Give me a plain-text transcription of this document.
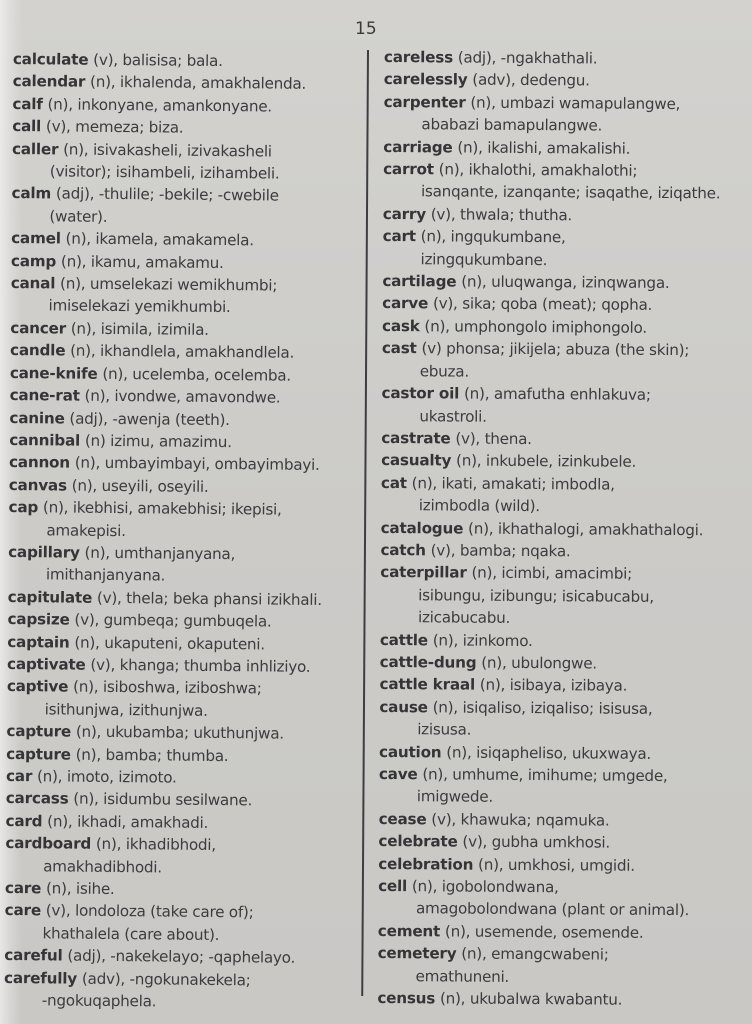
15

calculate (v), balisisa; bala.

calendar (n), ikhalenda, amakhalenda.

calf (n), inkonyane, amankonyane.

call (v), memeza; biza.

caller (n), isivakasheli, izivakasheli
(visitor); isihambeli, izihambeli.

calm (adj), -thulile; -bekile; -cwebile
(water).

camel (n), ikamela, amakamela.

camp (n), ikamu, amakamu.

canal (n), umselekazi wemikhumbi;
imiselekazi yemikhumbi.

cancer (n), isimila, izimila.

candle (n), ikhandlela, amakhandlela.

cane-knife (n), ucelemba, ocelemba.

cane-rat (n), ivondwe, amavondwe.

canine (adj), -awenja (teeth).

cannibal (n) izimu, amazimu.

cannon (n), umbayimbayi, ombayimbayi.

canvas (n), useyili, oseyili.

cap (n), ikebhisi, amakebhisi; ikepisi,
amakepisi.

capillary (n), umthanjanyana,
imithanjanyana.

capitulate (v), thela; beka phansi izikhali.

capsize (v), gumbeqa; gumbuqela.

captain (n), ukaputeni, okaputeni.

captivate (v), khanga; thumba inhliziyo.

captive (n), isiboshwa, iziboshwa;
isithunjwa, izithunjwa.

capture (n), ukubamba; ukuthunjwa.

capture (n), bamba; thumba.

car (n), imoto, izimoto.

carcass (n), isidumbu sesilwane.

card (n), ikhadi, amakhadi.

cardboard (n), ikhadibhodi,
amakhadibhodi.

care (n), isihe.

care (v), londoloza (take care of);
khathalela (care about).

careful (adj), -nakekelayo; -qaphelayo.

carefully (adv), -ngokunakekela;
-ngokuqaphela.

careless (adj), -ngakhathali.

carelessly (adv), dedengu.

carpenter (n), umbazi wamapulangwe,
ababazi bamapulangwe.

carriage (n), ikalishi, amakalishi.

carrot (n), ikhalothi, amakhalothi;
isanqante, izanqante; isaqathe, iziqathe.

carry (v), thwala; thutha.

cart (n), ingqukumbane,
izingqukumbane.

cartilage (n), uluqwanga, izinqwanga.

carve (v), sika; qoba (meat); qopha.

cask (n), umphongolo imiphongolo.

cast (v) phonsa; jikijela; abuza (the skin);
ebuza.

castor oil (n), amafutha enhlakuva;
ukastroli.

castrate (v), thena.

casualty (n), inkubele, izinkubele.

cat (n), ikati, amakati; imbodla,
izimbodla (wild).

catalogue (n), ikhathalogi, amakhathalogi.

catch (v), bamba; nqaka.

caterpillar (n), icimbi, amacimbi;
isibungu, izibungu; isicabucabu,

izicabucabu.

cattle (n), izinkomo.

cattle-dung (n), ubulongwe.

cattle kraal (n), isibaya, izibaya.

cause (n), isiqaliso, iziqaliso; isisusa,
izisusa.

caution (n), isiqapheliso, ukuxwaya.

cave (n), umhume, imihume; umgede,
imigwede.

cease (v), khawuka; nqamuka.

celebrate (v), gubha umkhosi.

celebration (n), umkhosi, umgidi.

cell (n), igobolondwana,
amagobolondwana (plant or animal).

cement (n), usemende, osemende.

cemetery (n), emangcwabeni;
emathuneni.

census (n), ukubalwa kwabantu.
